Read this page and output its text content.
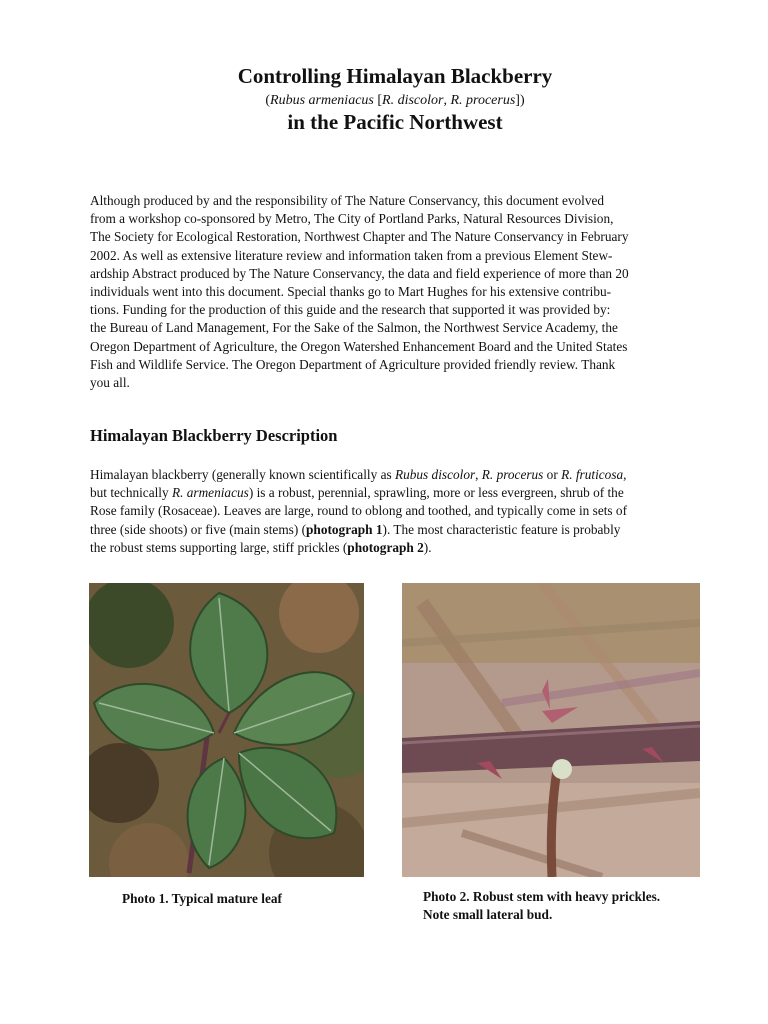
Controlling Himalayan Blackberry
(Rubus armeniacus [R. discolor, R. procerus])
in the Pacific Northwest
Although produced by and the responsibility of The Nature Conservancy, this document evolved
from a workshop co-sponsored by Metro, The City of Portland Parks, Natural Resources Division,
The Society for Ecological Restoration, Northwest Chapter and The Nature Conservancy in February
2002. As well as extensive literature review and information taken from a previous Element Stew-
ardship Abstract produced by The Nature Conservancy, the data and field experience of more than 20
individuals went into this document. Special thanks go to Mart Hughes for his extensive contribu-
tions. Funding for the production of this guide and the research that supported it was provided by:
the Bureau of Land Management, For the Sake of the Salmon, the Northwest Service Academy, the
Oregon Department of Agriculture, the Oregon Watershed Enhancement Board and the United States
Fish and Wildlife Service. The Oregon Department of Agriculture provided friendly review. Thank
you all.
Himalayan Blackberry Description
Himalayan blackberry (generally known scientifically as Rubus discolor, R. procerus or R. fruticosa,
but technically R. armeniacus) is a robust, perennial, sprawling, more or less evergreen, shrub of the
Rose family (Rosaceae). Leaves are large, round to oblong and toothed, and typically come in sets of
three (side shoots) or five (main stems) (photograph 1). The most characteristic feature is probably
the robust stems supporting large, stiff prickles (photograph 2).
Photo 1. Typical mature leaf	Photo 2. Robust stem with heavy prickles.
Note small lateral bud.
